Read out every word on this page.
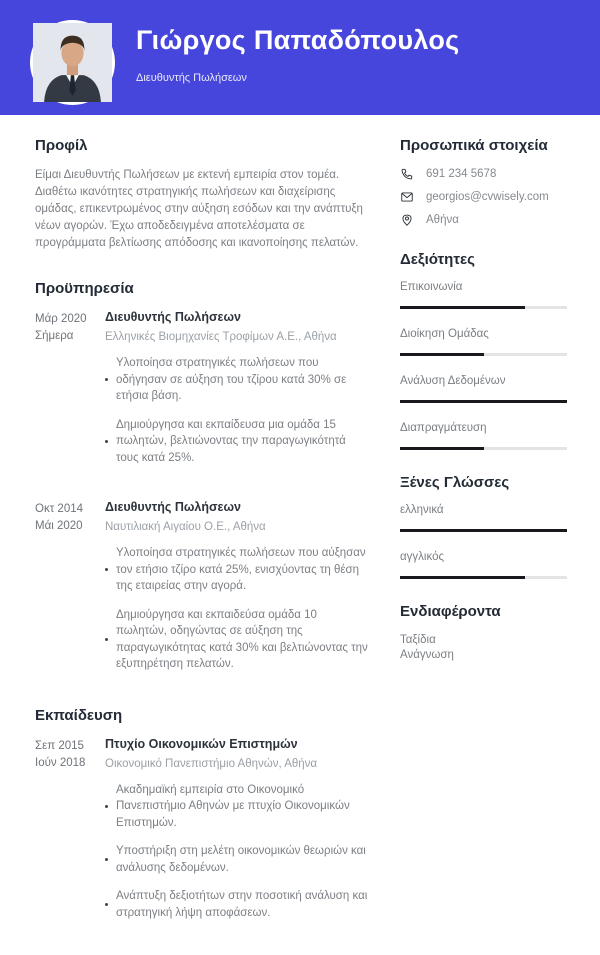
Γιώργος Παπαδόπουλος
Διευθυντής Πωλήσεων
Προφίλ

Είμαι Διευθυντής Πωλήσεων με εκτενή εμπειρία στον τομέα. Διαθέτω ικανότητες στρατηγικής πωλήσεων και διαχείρισης ομάδας, επικεντρωμένος στην αύξηση εσόδων και την ανάπτυξη νέων αγορών. Έχω αποδεδειγμένα αποτελέσματα σε προγράμματα βελτίωσης απόδοσης και ικανοποίησης πελατών.

Προϋπηρεσία
Μάρ 2020
Σήμερα
Διευθυντής Πωλήσεων
Ελληνικές Βιομηχανίες Τροφίμων Α.Ε., Αθήνα
Υλοποίησα στρατηγικές πωλήσεων που οδήγησαν σε αύξηση του τζίρου κατά 30% σε ετήσια βάση.
Δημιούργησα και εκπαίδευσα μια ομάδα 15 πωλητών, βελτιώνοντας την παραγωγικότητά τους κατά 25%.
Οκτ 2014
Μάι 2020
Διευθυντής Πωλήσεων
Ναυτιλιακή Αιγαίου Ο.Ε., Αθήνα
Υλοποίησα στρατηγικές πωλήσεων που αύξησαν τον ετήσιο τζίρο κατά 25%, ενισχύοντας τη θέση της εταιρείας στην αγορά.
Δημιούργησα και εκπαιδεύσα ομάδα 10 πωλητών, οδηγώντας σε αύξηση της παραγωγικότητας κατά 30% και βελτιώνοντας την εξυπηρέτηση πελατών.
Εκπαίδευση
Σεπ 2015
Ιούν 2018
Πτυχίο Οικονομικών Επιστημών
Οικονομικό Πανεπιστήμιο Αθηνών, Αθήνα
Ακαδημαϊκή εμπειρία στο Οικονομικό Πανεπιστήμιο Αθηνών με πτυχίο Οικονομικών Επιστημών.
Υποστήριξη στη μελέτη οικονομικών θεωριών και ανάλυσης δεδομένων.
Ανάπτυξη δεξιοτήτων στην ποσοτική ανάλυση και στρατηγική λήψη αποφάσεων.
Προσωπικά στοιχεία
691 234 5678
georgios@cvwisely.com
Αθήνα
Δεξιότητες
Επικοινωνία
Διοίκηση Ομάδας
Ανάλυση Δεδομένων
Διαπραγμάτευση
Ξένες Γλώσσες
ελληνικά
αγγλικός
Ενδιαφέροντα
Ταξίδια
Ανάγνωση
